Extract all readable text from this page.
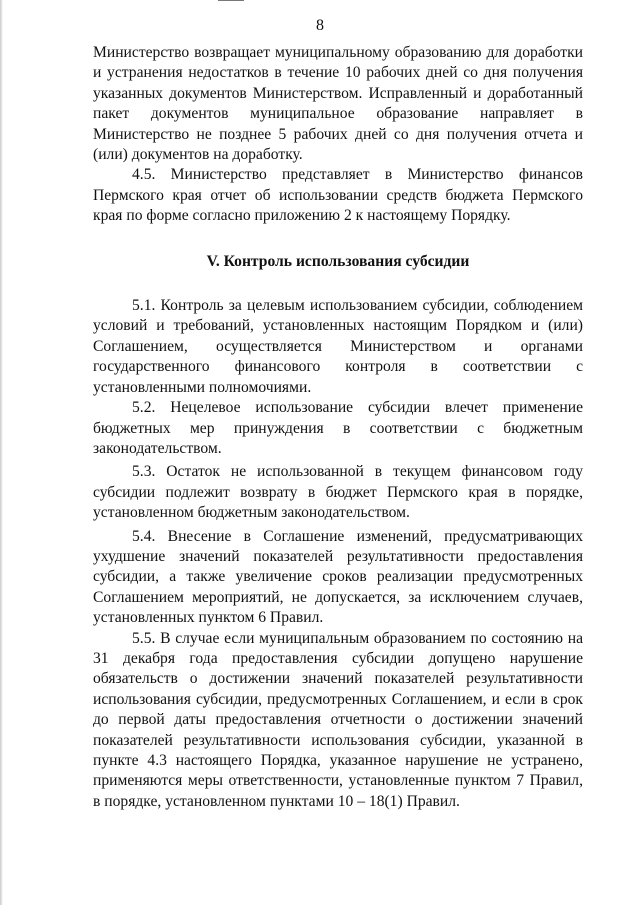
8

Министерство возвращает муниципальному образованию для доработки и устранения недостатков в течение 10 рабочих дней со дня получения указанных документов Министерством. Исправленный и доработанный пакет документов муниципальное образование направляет в Министерство не позднее 5 рабочих дней со дня получения отчета и (или) документов на доработку.

4.5. Министерство представляет в Министерство финансов Пермского края отчет об использовании средств бюджета Пермского края по форме согласно приложению 2 к настоящему Порядку.

V. Контроль использования субсидии

5.1. Контроль за целевым использованием субсидии, соблюдением условий и требований, установленных настоящим Порядком и (или) Соглашением, осуществляется Министерством и органами государственного финансового контроля в соответствии с установленными полномочиями.

5.2. Нецелевое использование субсидии влечет применение бюджетных мер принуждения в соответствии с бюджетным законодательством.

5.3. Остаток не использованной в текущем финансовом году субсидии подлежит возврату в бюджет Пермского края в порядке, установленном бюджетным законодательством.

5.4. Внесение в Соглашение изменений, предусматривающих ухудшение значений показателей результативности предоставления субсидии, а также увеличение сроков реализации предусмотренных Соглашением мероприятий, не допускается, за исключением случаев, установленных пунктом 6 Правил.

5.5. В случае если муниципальным образованием по состоянию на 31 декабря года предоставления субсидии допущено нарушение обязательств о достижении значений показателей результативности использования субсидии, предусмотренных Соглашением, и если в срок до первой даты предоставления отчетности о достижении значений показателей результативности использования субсидии, указанной в пункте 4.3 настоящего Порядка, указанное нарушение не устранено, применяются меры ответственности, установленные пунктом 7 Правил, в порядке, установленном пунктами 10 – 18(1) Правил.
